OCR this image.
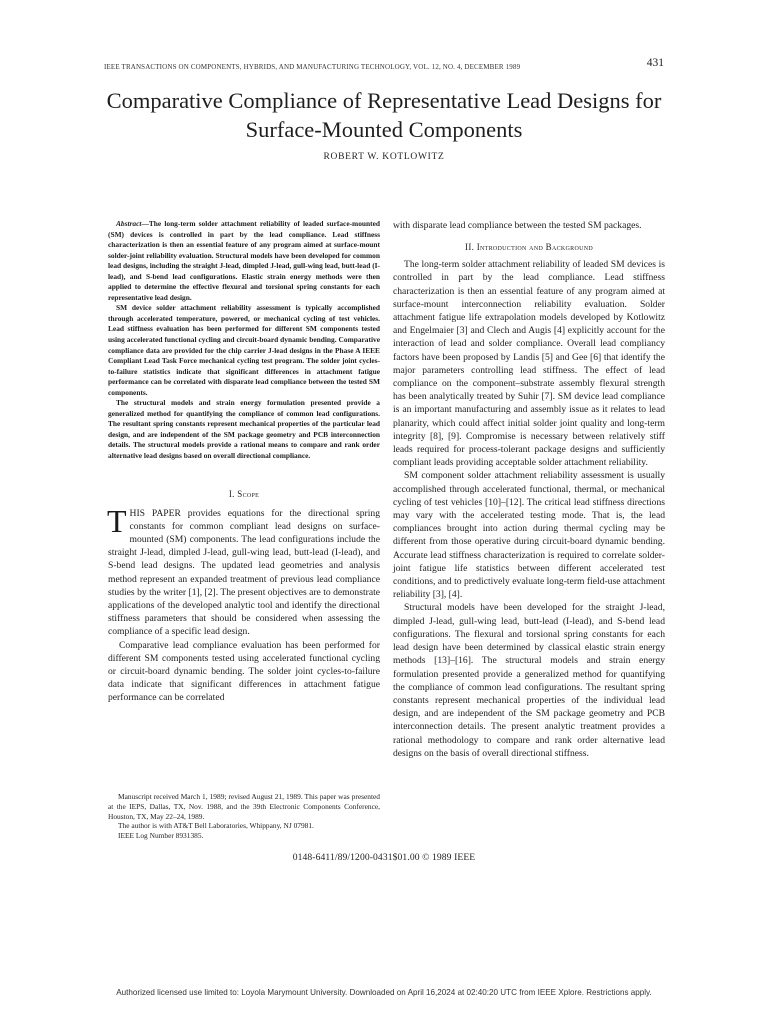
IEEE TRANSACTIONS ON COMPONENTS, HYBRIDS, AND MANUFACTURING TECHNOLOGY, VOL. 12, NO. 4, DECEMBER 1989	431
Comparative Compliance of Representative Lead Designs for Surface-Mounted Components
ROBERT W. KOTLOWITZ

Abstract—The long-term solder attachment reliability of leaded surface-mounted (SM) devices is controlled in part by the lead compliance. Lead stiffness characterization is then an essential feature of any program aimed at surface-mount solder-joint reliability evaluation. Structural models have been developed for common lead designs, including the straight J-lead, dimpled J-lead, gull-wing lead, butt-lead (I-lead), and S-bend lead configurations. Elastic strain energy methods were then applied to determine the effective flexural and torsional spring constants for each representative lead design.

SM device solder attachment reliability assessment is typically accomplished through accelerated temperature, powered, or mechanical cycling of test vehicles. Lead stiffness evaluation has been performed for different SM components tested using accelerated functional cycling and circuit-board dynamic bending. Comparative compliance data are provided for the chip carrier J-lead designs in the Phase A IEEE Compliant Lead Task Force mechanical cycling test program. The solder joint cycles-to-failure statistics indicate that significant differences in attachment fatigue performance can be correlated with disparate lead compliance between the tested SM components.

The structural models and strain energy formulation presented provide a generalized method for quantifying the compliance of common lead configurations. The resultant spring constants represent mechanical properties of the particular lead design, and are independent of the SM package geometry and PCB interconnection details. The structural models provide a rational means to compare and rank order alternative lead designs based on overall directional compliance.

I. Scope

THIS PAPER provides equations for the directional spring constants for common compliant lead designs on surface-mounted (SM) components. The lead configurations include the straight J-lead, dimpled J-lead, gull-wing lead, butt-lead (I-lead), and S-bend lead designs. The updated lead geometries and analysis method represent an expanded treatment of previous lead compliance studies by the writer [1], [2]. The present objectives are to demonstrate applications of the developed analytic tool and identify the directional stiffness parameters that should be considered when assessing the compliance of a specific lead design.

Comparative lead compliance evaluation has been performed for different SM components tested using accelerated functional cycling or circuit-board dynamic bending. The solder joint cycles-to-failure data indicate that significant differences in attachment fatigue performance can be correlated

with disparate lead compliance between the tested SM packages.

II. Introduction and Background

The long-term solder attachment reliability of leaded SM devices is controlled in part by the lead compliance. Lead stiffness characterization is then an essential feature of any program aimed at surface-mount interconnection reliability evaluation. Solder attachment fatigue life extrapolation models developed by Kotlowitz and Engelmaier [3] and Clech and Augis [4] explicitly account for the interaction of lead and solder compliance. Overall lead compliancy factors have been proposed by Landis [5] and Gee [6] that identify the major parameters controlling lead stiffness. The effect of lead compliance on the component–substrate assembly flexural strength has been analytically treated by Suhir [7]. SM device lead compliance is an important manufacturing and assembly issue as it relates to lead planarity, which could affect initial solder joint quality and long-term integrity [8], [9]. Compromise is necessary between relatively stiff leads required for process-tolerant package designs and sufficiently compliant leads providing acceptable solder attachment reliability.

SM component solder attachment reliability assessment is usually accomplished through accelerated functional, thermal, or mechanical cycling of test vehicles [10]–[12]. The critical lead stiffness directions may vary with the accelerated testing mode. That is, the lead compliances brought into action during thermal cycling may be different from those operative during circuit-board dynamic bending. Accurate lead stiffness characterization is required to correlate solder-joint fatigue life statistics between different accelerated test conditions, and to predictively evaluate long-term field-use attachment reliability [3], [4].

Structural models have been developed for the straight J-lead, dimpled J-lead, gull-wing lead, butt-lead (I-lead), and S-bend lead configurations. The flexural and torsional spring constants for each lead design have been determined by classical elastic strain energy methods [13]–[16]. The structural models and strain energy formulation presented provide a generalized method for quantifying the compliance of common lead configurations. The resultant spring constants represent mechanical properties of the individual lead design, and are independent of the SM package geometry and PCB interconnection details. The present analytic treatment provides a rational methodology to compare and rank order alternative lead designs on the basis of overall directional stiffness.

Manuscript received March 1, 1989; revised August 21, 1989. This paper was presented at the IEPS, Dallas, TX, Nov. 1988, and the 39th Electronic Components Conference, Houston, TX, May 22–24, 1989.

The author is with AT&T Bell Laboratories, Whippany, NJ 07981.

IEEE Log Number 8931385.

0148-6411/89/1200-0431$01.00 © 1989 IEEE
Authorized licensed use limited to: Loyola Marymount University. Downloaded on April 16,2024 at 02:40:20 UTC from IEEE Xplore. Restrictions apply.
